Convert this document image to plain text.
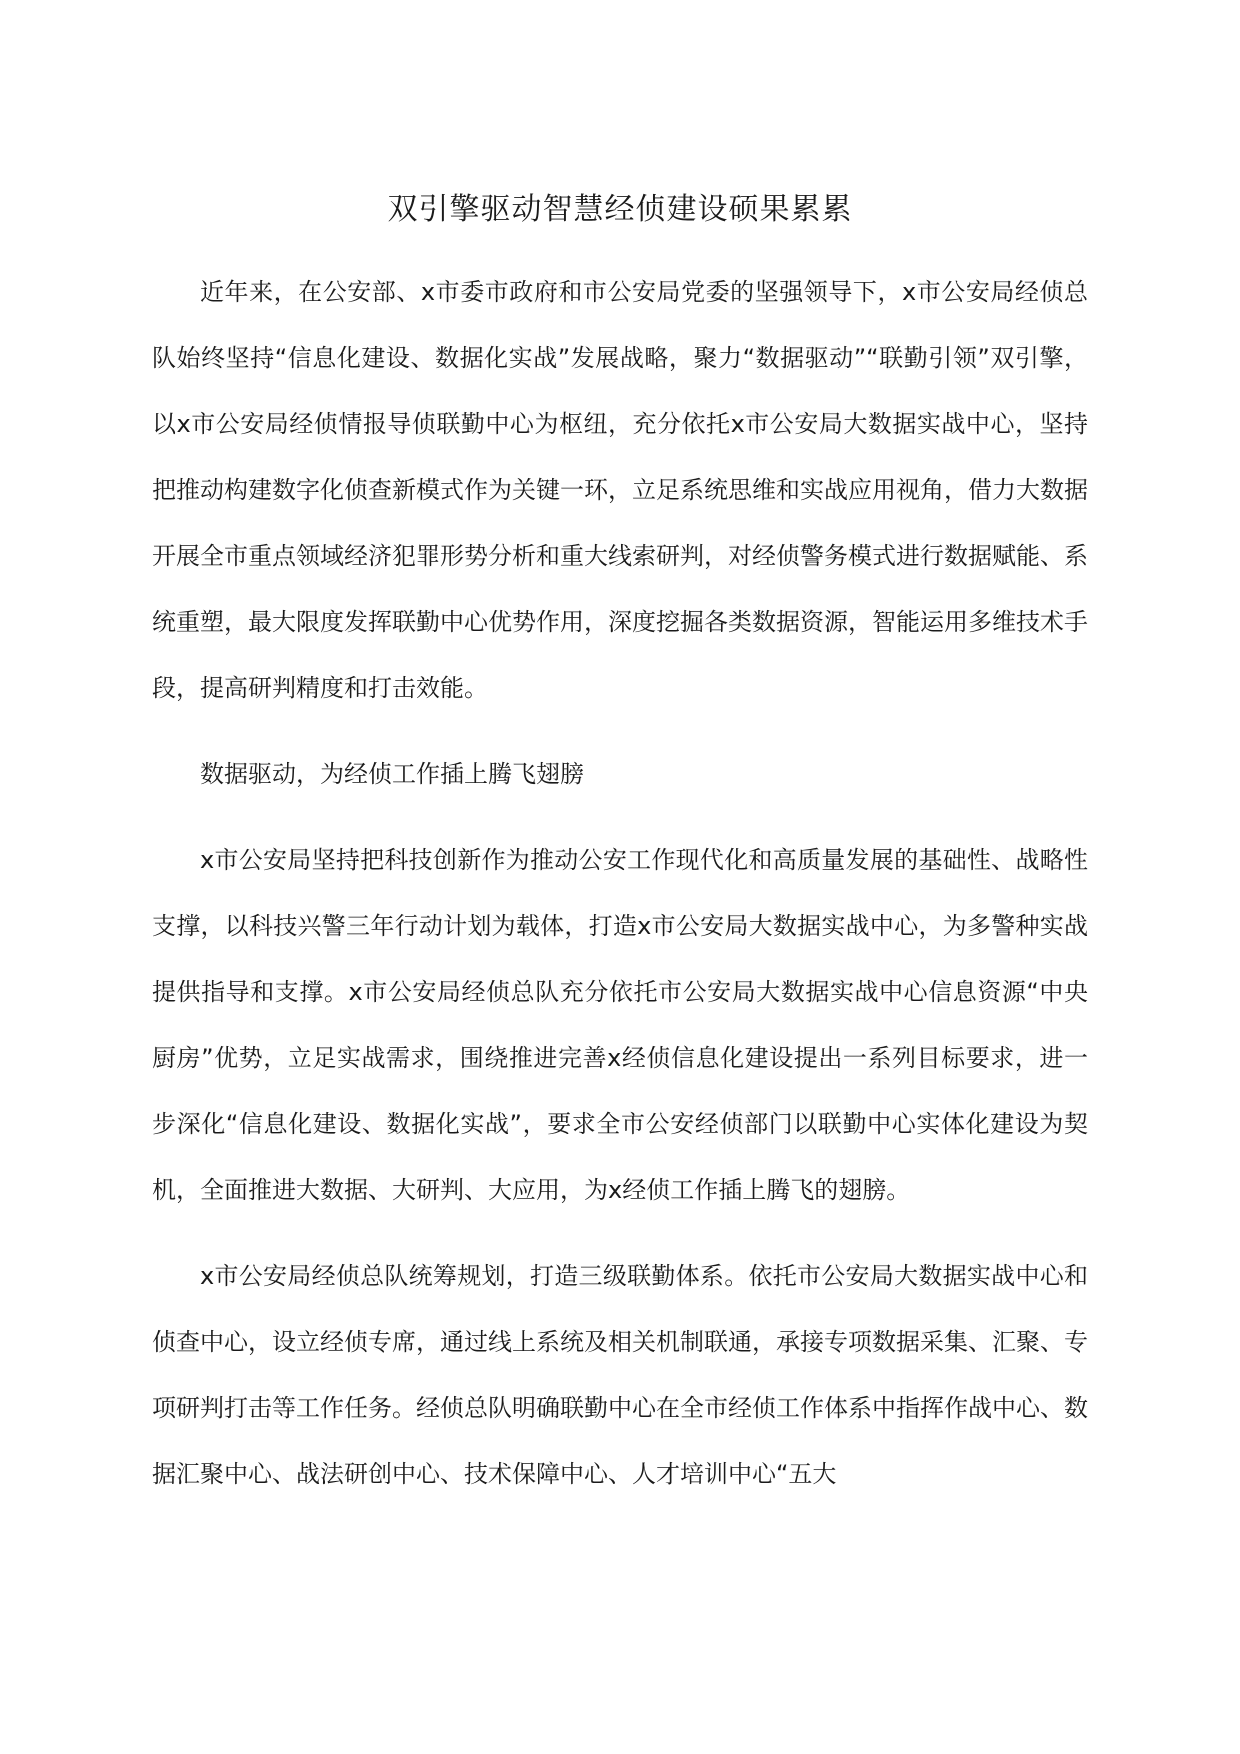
双引擎驱动智慧经侦建设硕果累累

近年来，在公安部、x市委市政府和市公安局党委的坚强领导下，x市公安局经侦总队始终坚持“信息化建设、数据化实战”发展战略，聚力“数据驱动”“联勤引领”双引擎，以x市公安局经侦情报导侦联勤中心为枢纽，充分依托x市公安局大数据实战中心，坚持把推动构建数字化侦查新模式作为关键一环，立足系统思维和实战应用视角，借力大数据开展全市重点领域经济犯罪形势分析和重大线索研判，对经侦警务模式进行数据赋能、系统重塑，最大限度发挥联勤中心优势作用，深度挖掘各类数据资源，智能运用多维技术手段，提高研判精度和打击效能。

数据驱动，为经侦工作插上腾飞翅膀

x市公安局坚持把科技创新作为推动公安工作现代化和高质量发展的基础性、战略性支撑，以科技兴警三年行动计划为载体，打造x市公安局大数据实战中心，为多警种实战提供指导和支撑。x市公安局经侦总队充分依托市公安局大数据实战中心信息资源“中央厨房”优势，立足实战需求，围绕推进完善x经侦信息化建设提出一系列目标要求，进一步深化“信息化建设、数据化实战”，要求全市公安经侦部门以联勤中心实体化建设为契机，全面推进大数据、大研判、大应用，为x经侦工作插上腾飞的翅膀。

x市公安局经侦总队统筹规划，打造三级联勤体系。依托市公安局大数据实战中心和侦查中心，设立经侦专席，通过线上系统及相关机制联通，承接专项数据采集、汇聚、专项研判打击等工作任务。经侦总队明确联勤中心在全市经侦工作体系中指挥作战中心、数据汇聚中心、战法研创中心、技术保障中心、人才培训中心“五大
